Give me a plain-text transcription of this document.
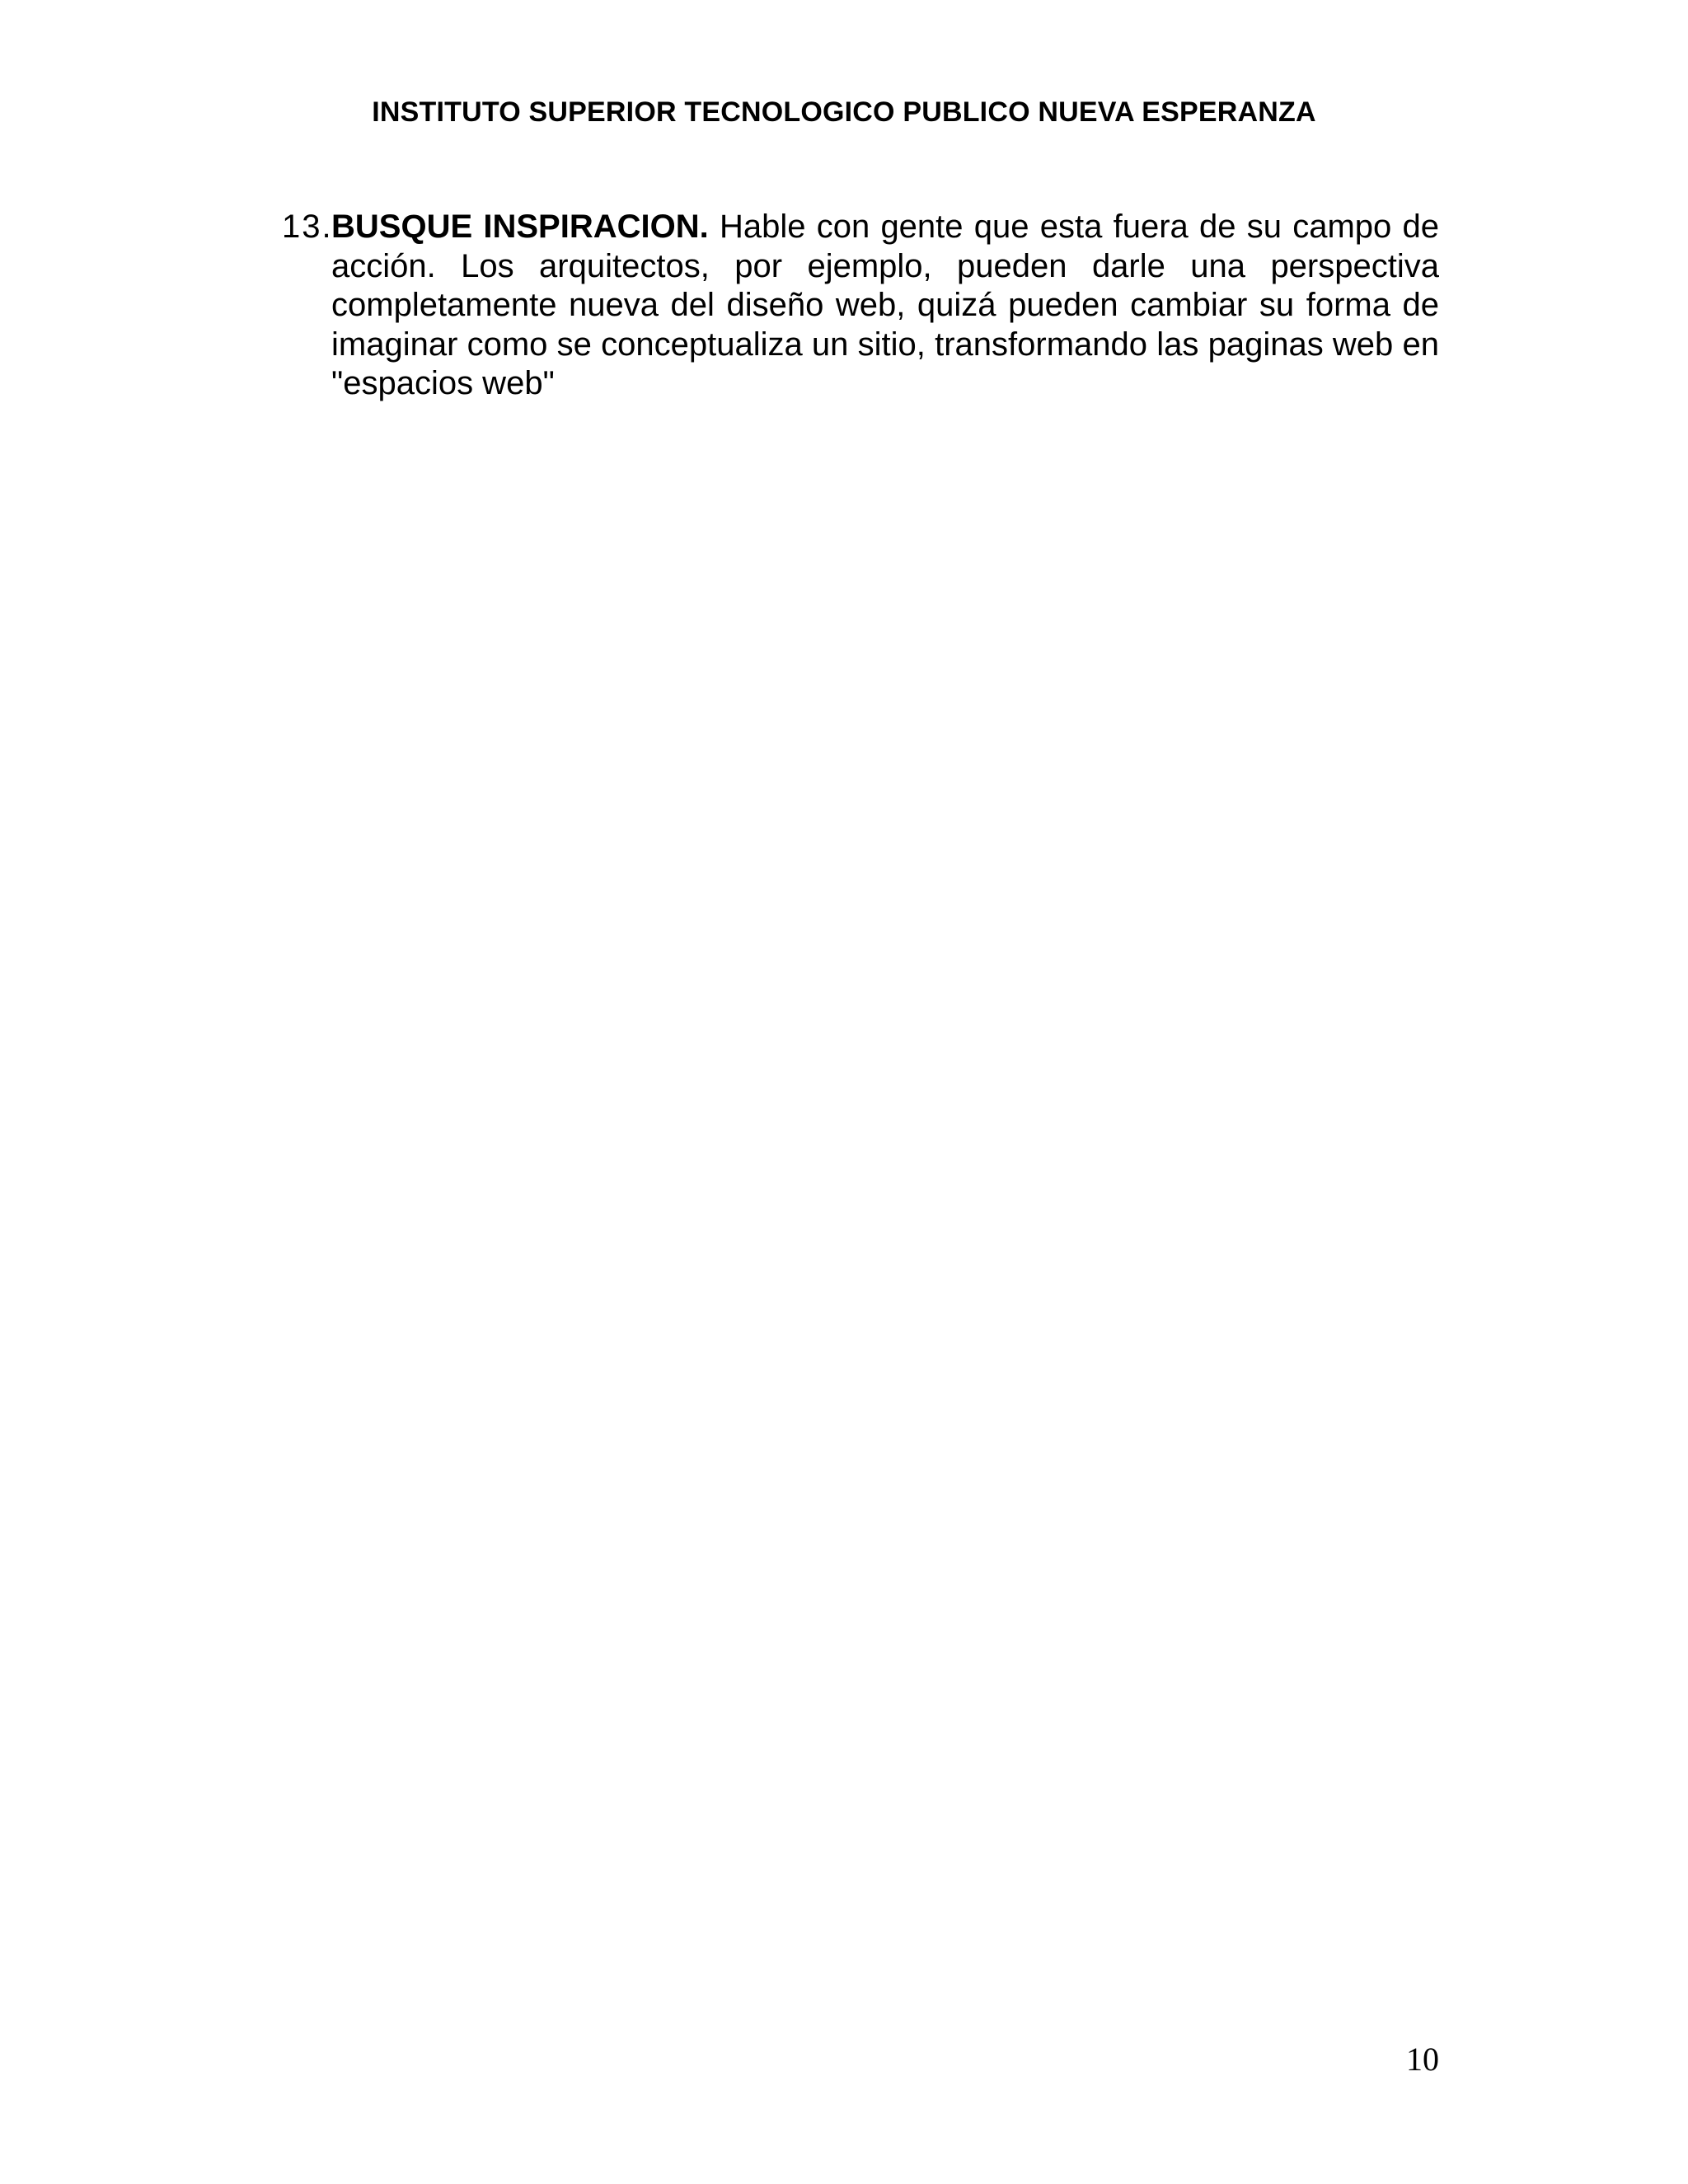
INSTITUTO SUPERIOR TECNOLOGICO PUBLICO NUEVA ESPERANZA
13.
BUSQUE INSPIRACION. Hable con gente que esta fuera de su campo de acción. Los arquitectos, por ejemplo, pueden darle una perspectiva completamente nueva del diseño web, quizá pueden cambiar su forma de imaginar como se conceptualiza un sitio, transformando las paginas web en "espacios web"
10
